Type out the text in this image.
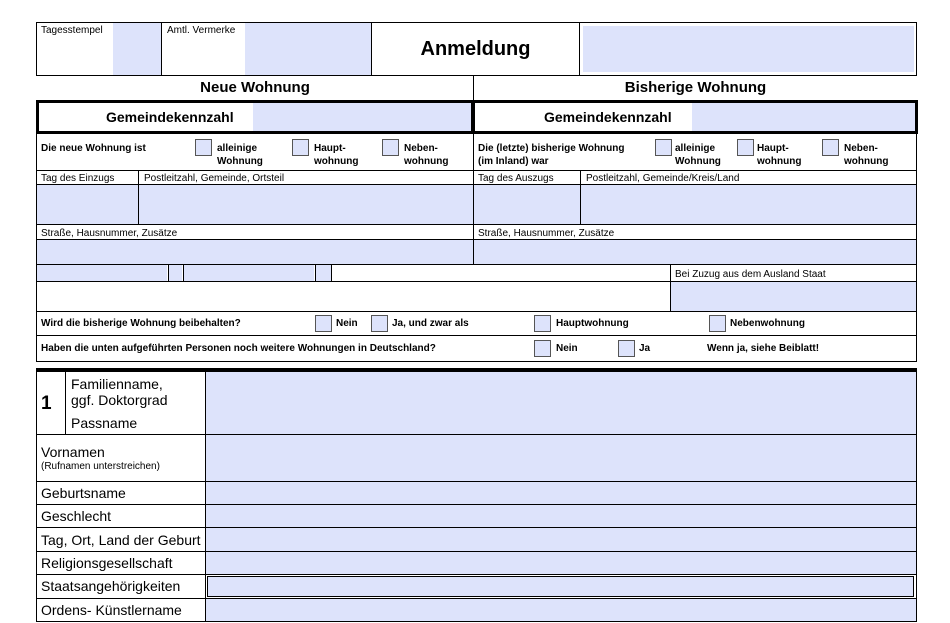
Tagesstempel	Amtl. Vermerke
Anmeldung
Neue Wohnung	Bisherige Wohnung
Gemeindekennzahl	Gemeindekennzahl
Die neue Wohnung ist	alleinige
Wohnung
Haupt-
wohnung
Neben-
wohnung
Die (letzte) bisherige Wohnung
(im Inland) war
alleinige
Wohnung
Haupt-
wohnung
Neben-
wohnung
Tag des Einzugs	Postleitzahl, Gemeinde, Ortsteil	Tag des Auszugs	Postleitzahl, Gemeinde/Kreis/Land
Straße, Hausnummer, Zusätze	Straße, Hausnummer, Zusätze
Bei Zuzug aus dem Ausland Staat
Wird die bisherige Wohnung beibehalten?	Nein	Ja, und zwar als	Hauptwohnung	Nebenwohnung
Haben die unten aufgeführten Personen noch weitere Wohnungen in Deutschland?	Nein	Ja	Wenn ja, siehe Beiblatt!
1
Familienname,
ggf. Doktorgrad
Passname
Vornamen
(Rufnamen unterstreichen)
Geburtsname
Geschlecht
Tag, Ort, Land der Geburt
Religionsgesellschaft
Staatsangehörigkeiten
Ordens- Künstlername
